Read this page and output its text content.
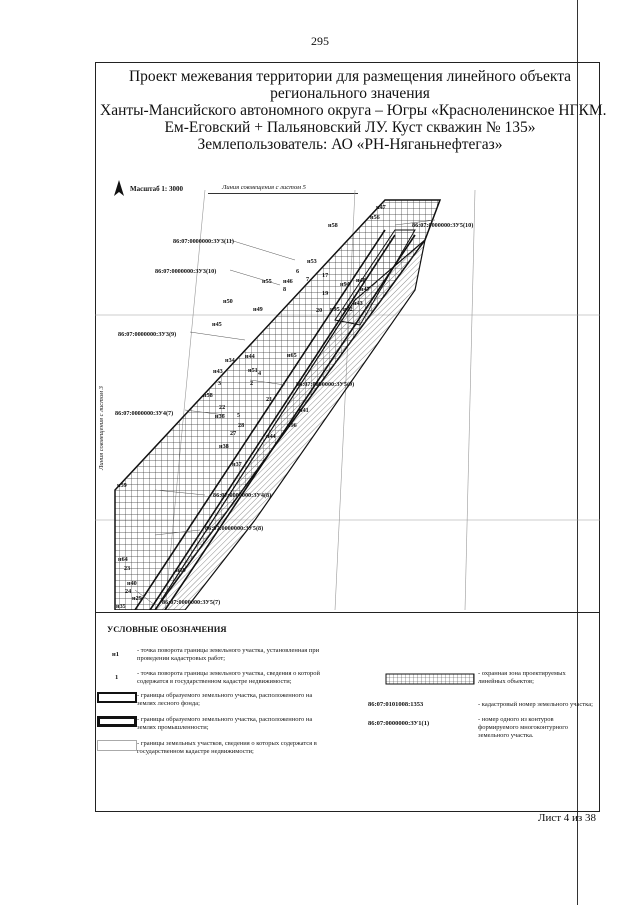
295
Проект межевания территории для размещения линейного объекта
регионального значения
Ханты-Мансийского автономного округа – Югры «Красноленинское НГКМ.
Ем-Еговский + Пальяновский ЛУ. Куст скважин № 135»
Землепользователь: АО «РН-Няганьнефтегаз»
Масштаб 1: 3000	Линия совмещения с листом 5
Линия совмещения с листом 3
86:07:0000000:ЗУ5(10)
86:07:0000000:ЗУ3(11)
86:07:0000000:ЗУ3(10)
86:07:0000000:ЗУ3(9)
86:07:0000000:ЗУ5(9)
86:07:0000000:ЗУ4(7)
86:07:0000000:ЗУ4(8)
86:07:0000000:ЗУ5(8)
86:07:0000000:ЗУ5(7)
н47
н56
н58
н53
н48
н94
н47
н43
н95 н42
н50
н45
н49
н46
н55
н65
н44
н34
н51
н43
н58
н41
н36
н96
н44
н38
н37
н59
н64
н39
н40
н29
н35
6
7
8
17
19
20
21
22
23
3	2
4
5
24
27
28
УСЛОВНЫЕ ОБОЗНАЧЕНИЯ
н1
- точка поворота границы земельного участка, установленная при проведении кадастровых работ;
1
- точка поворота границы земельного участка, сведения о которой содержатся в государственном кадастре недвижимости;
- границы образуемого земельного участка, расположенного на землях лесного фонда;
- границы образуемого земельного участка, расположенного на землях промышленности;
- границы земельных участков, сведения о которых содержатся в государственном кадастре недвижимости;
- охранная зона проектируемых линейных объектов;
86:07:0101008:1353	- кадастровый номер земельного участка;
86:07:0000000:ЗУ1(1)
- номер одного из контуров формируемого многоконтурного земельного участка.
Лист 4 из 38
